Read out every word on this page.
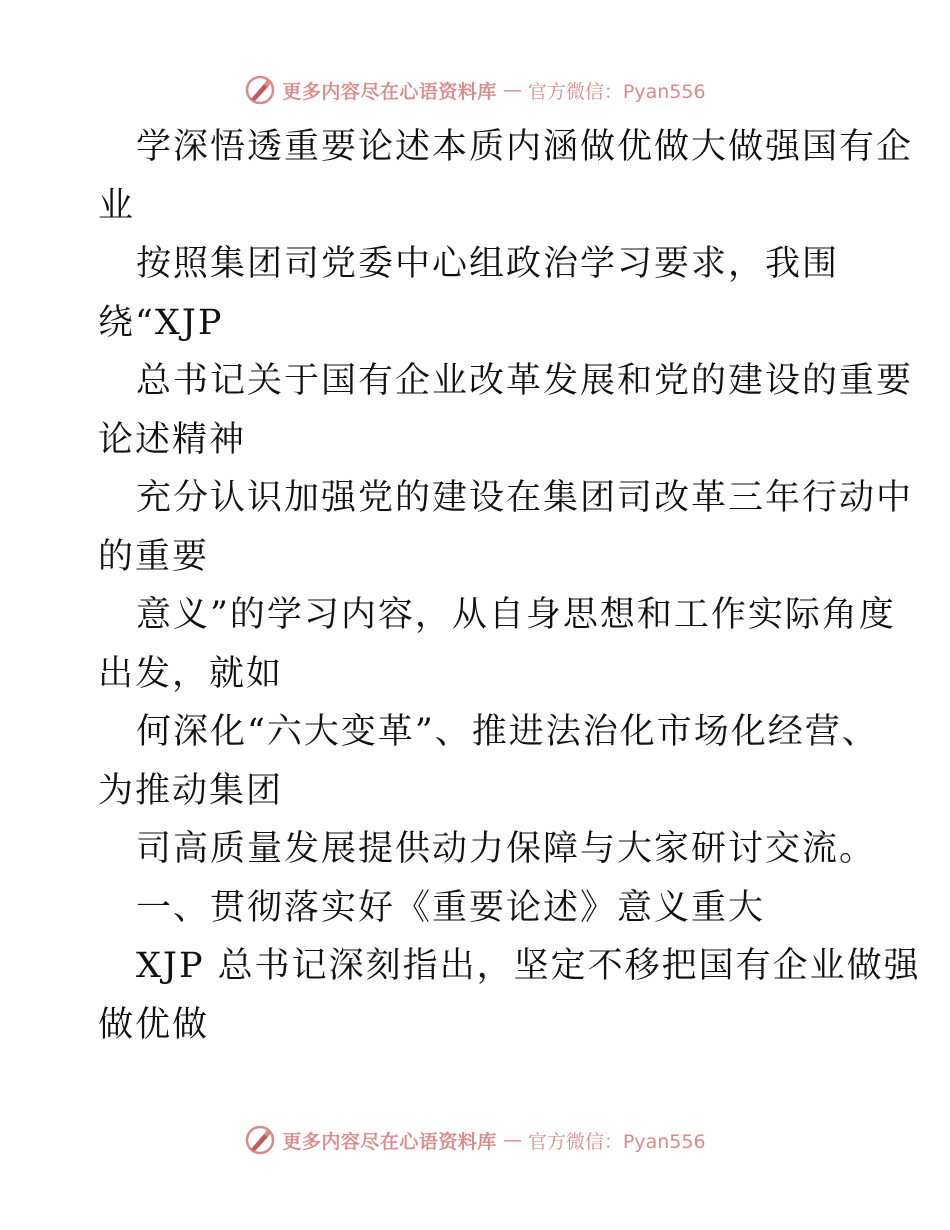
更多内容尽在心语资料库 — 官方微信：Pyan556
学深悟透重要论述本质内涵做优做大做强国有企
业
按照集团司党委中心组政治学习要求，我围
绕“XJP
总书记关于国有企业改革发展和党的建设的重要
论述精神
充分认识加强党的建设在集团司改革三年行动中
的重要
意义”的学习内容，从自身思想和工作实际角度
出发，就如
何深化“六大变革”、推进法治化市场化经营、
为推动集团
司高质量发展提供动力保障与大家研讨交流。
一、贯彻落实好《重要论述》意义重大
XJP 总书记深刻指出，坚定不移把国有企业做强
做优做
更多内容尽在心语资料库 — 官方微信：Pyan556
